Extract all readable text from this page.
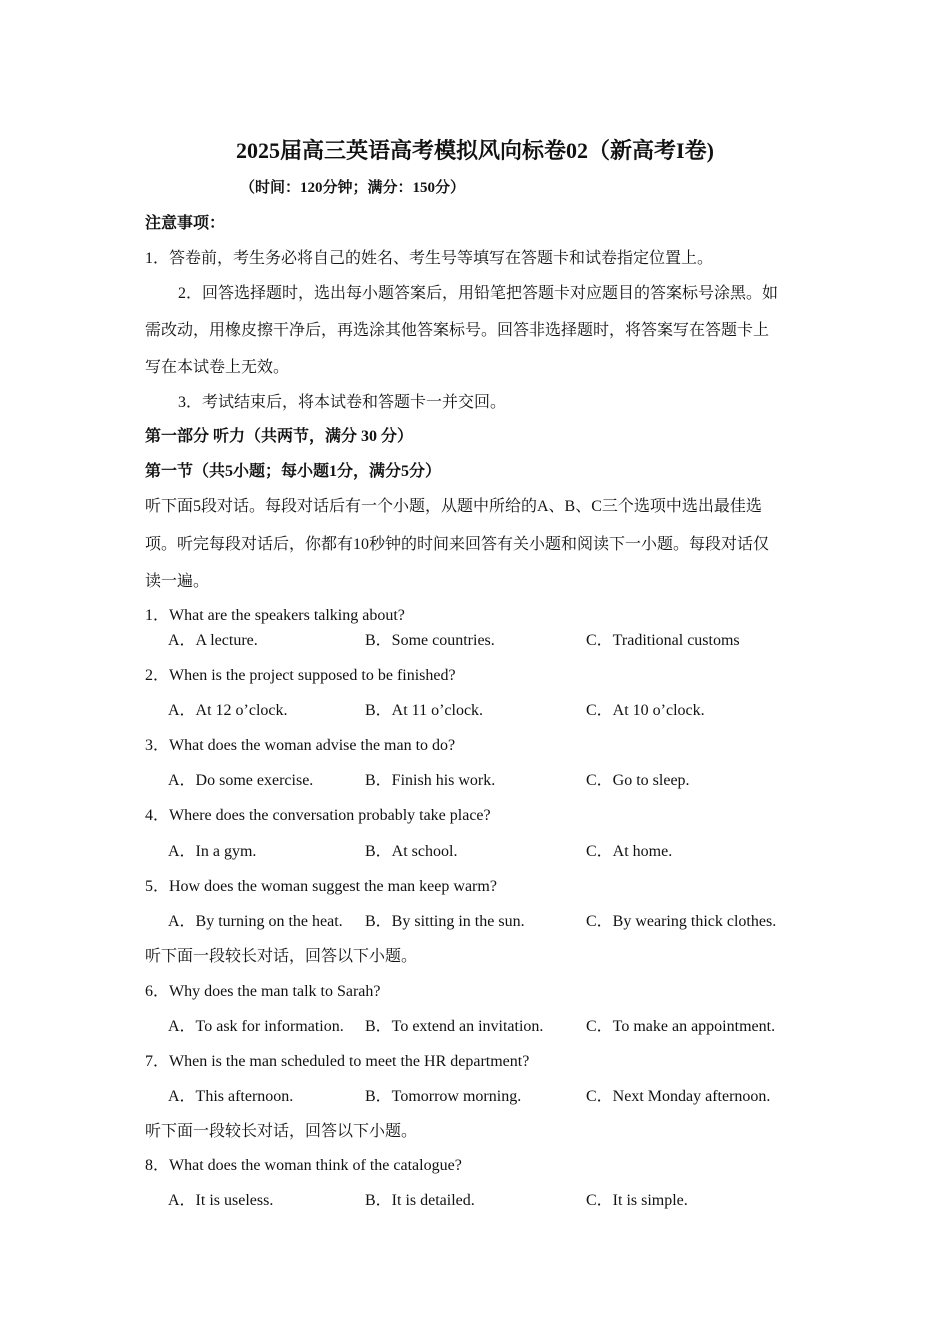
2025届高三英语高考模拟风向标卷02（新高考I卷)
（时间：120分钟；满分：150分）
注意事项：
1．答卷前，考生务必将自己的姓名、考生号等填写在答题卡和试卷指定位置上。
2．回答选择题时，选出每小题答案后，用铅笔把答题卡对应题目的答案标号涂黑。如
需改动，用橡皮擦干净后，再选涂其他答案标号。回答非选择题时，将答案写在答题卡上
写在本试卷上无效。
3．考试结束后，将本试卷和答题卡一并交回。
第一部分 听力（共两节，满分 30 分）
第一节（共5小题；每小题1分，满分5分）
听下面5段对话。每段对话后有一个小题，从题中所给的A、B、C三个选项中选出最佳选
项。听完每段对话后，你都有10秒钟的时间来回答有关小题和阅读下一小题。每段对话仅
读一遍。
1．What are the speakers talking about?
A．A lecture.	B．Some countries.	C．Traditional customs
2．When is the project supposed to be finished?
A．At 12 o’clock.	B．At 11 o’clock.	C．At 10 o’clock.
3．What does the woman advise the man to do?
A．Do some exercise.	B．Finish his work.	C．Go to sleep.
4．Where does the conversation probably take place?
A．In a gym.	B．At school.	C．At home.
5．How does the woman suggest the man keep warm?
A．By turning on the heat. B．By sitting in the sun.	C．By wearing thick clothes.
听下面一段较长对话，回答以下小题。
6．Why does the man talk to Sarah?
A．To ask for information. B．To extend an invitation.	C．To make an appointment.
7．When is the man scheduled to meet the HR department?
A．This afternoon.	B．Tomorrow morning.	C．Next Monday afternoon.
听下面一段较长对话，回答以下小题。
8．What does the woman think of the catalogue?
A．It is useless.	B．It is detailed.	C．It is simple.
